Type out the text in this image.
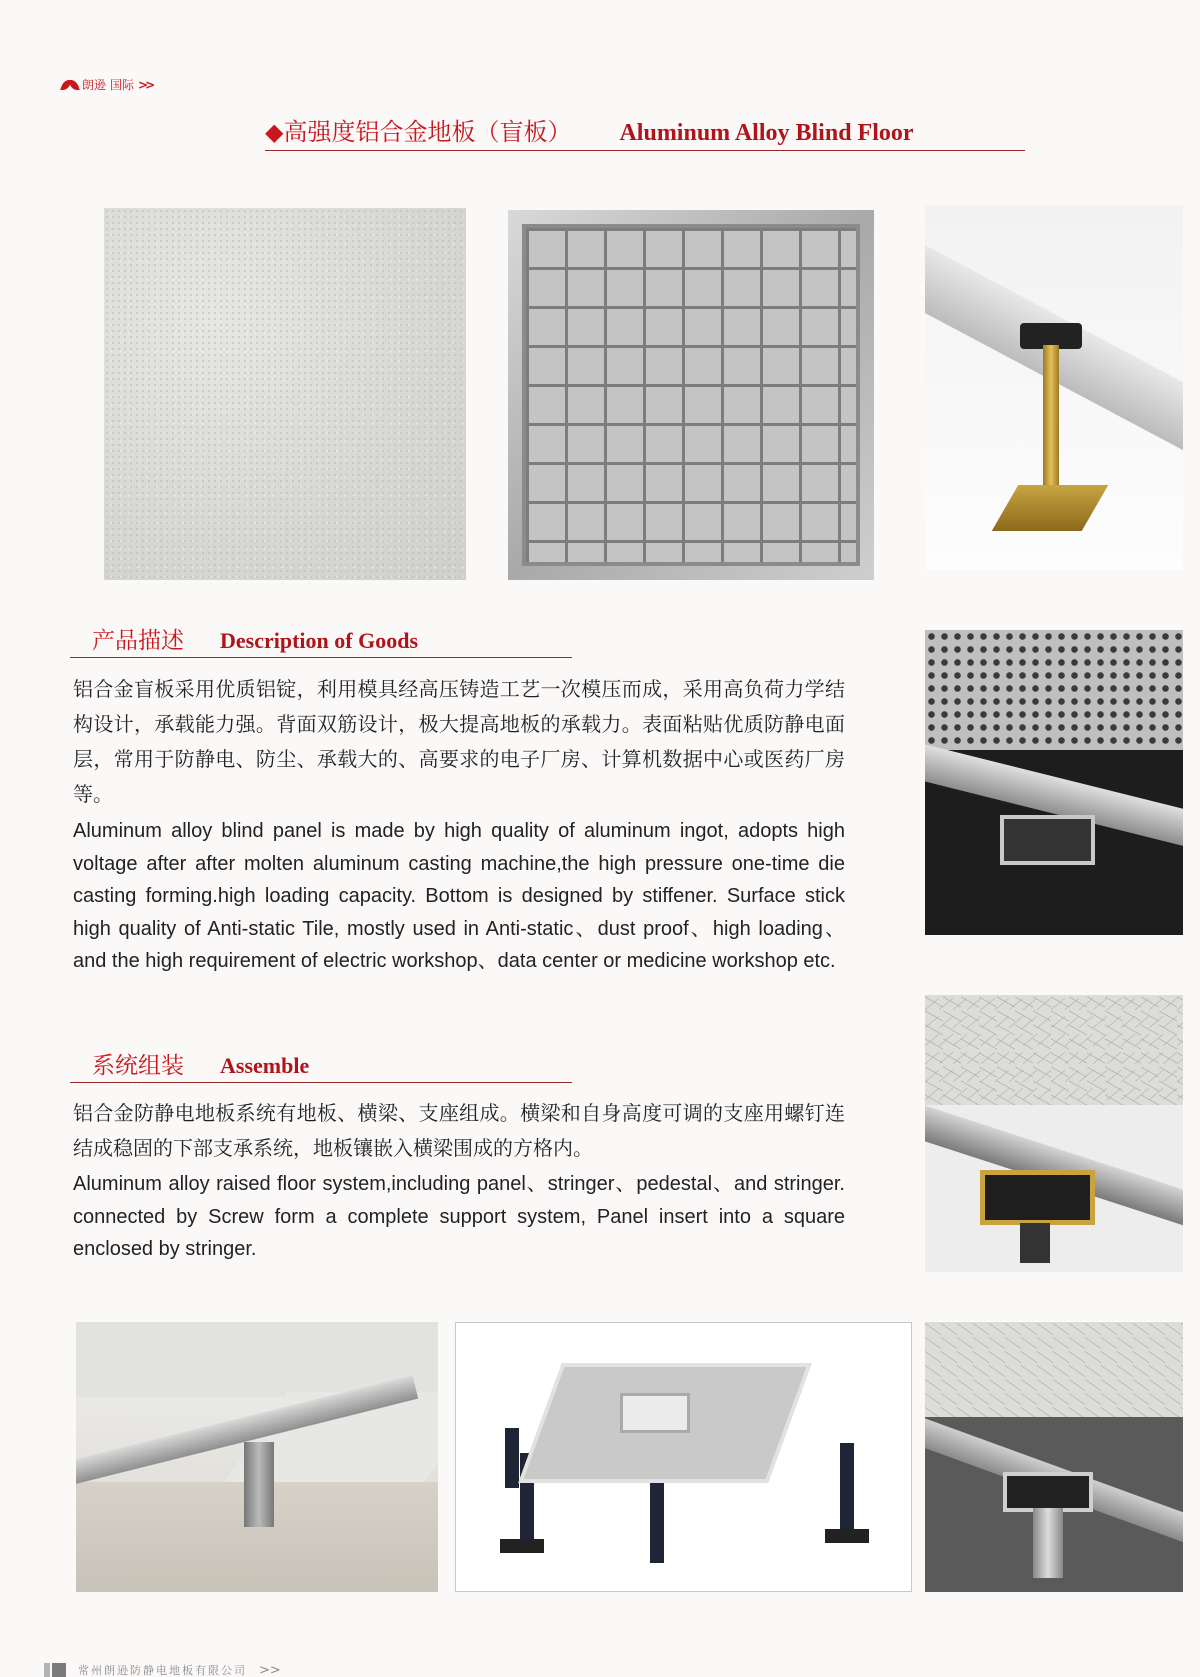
朗逊 国际 >>
◆高强度铝合金地板（盲板） Aluminum Alloy Blind Floor
产品描述 Description of Goods

铝合金盲板采用优质铝锭，利用模具经高压铸造工艺一次模压而成，采用高负荷力学结构设计，承载能力强。背面双筋设计，极大提高地板的承载力。表面粘贴优质防静电面层，常用于防静电、防尘、承载大的、高要求的电子厂房、计算机数据中心或医药厂房等。

Aluminum alloy blind panel is made by high quality of aluminum ingot, adopts high voltage after after molten aluminum casting machine,the high pressure one-time die casting forming.high loading capacity. Bottom is designed by stiffener. Surface stick high quality of Anti-static Tile, mostly used in Anti-static、dust proof、high loading、and the high requirement of electric workshop、data center or medicine workshop etc.

系统组装 Assemble

铝合金防静电地板系统有地板、横梁、支座组成。横梁和自身高度可调的支座用螺钉连结成稳固的下部支承系统，地板镶嵌入横梁围成的方格内。

Aluminum alloy raised floor system,including panel、stringer、pedestal、and stringer. connected by Screw form a complete support system, Panel insert into a square enclosed by stringer.

常州朗逊防静电地板有限公司 >>
